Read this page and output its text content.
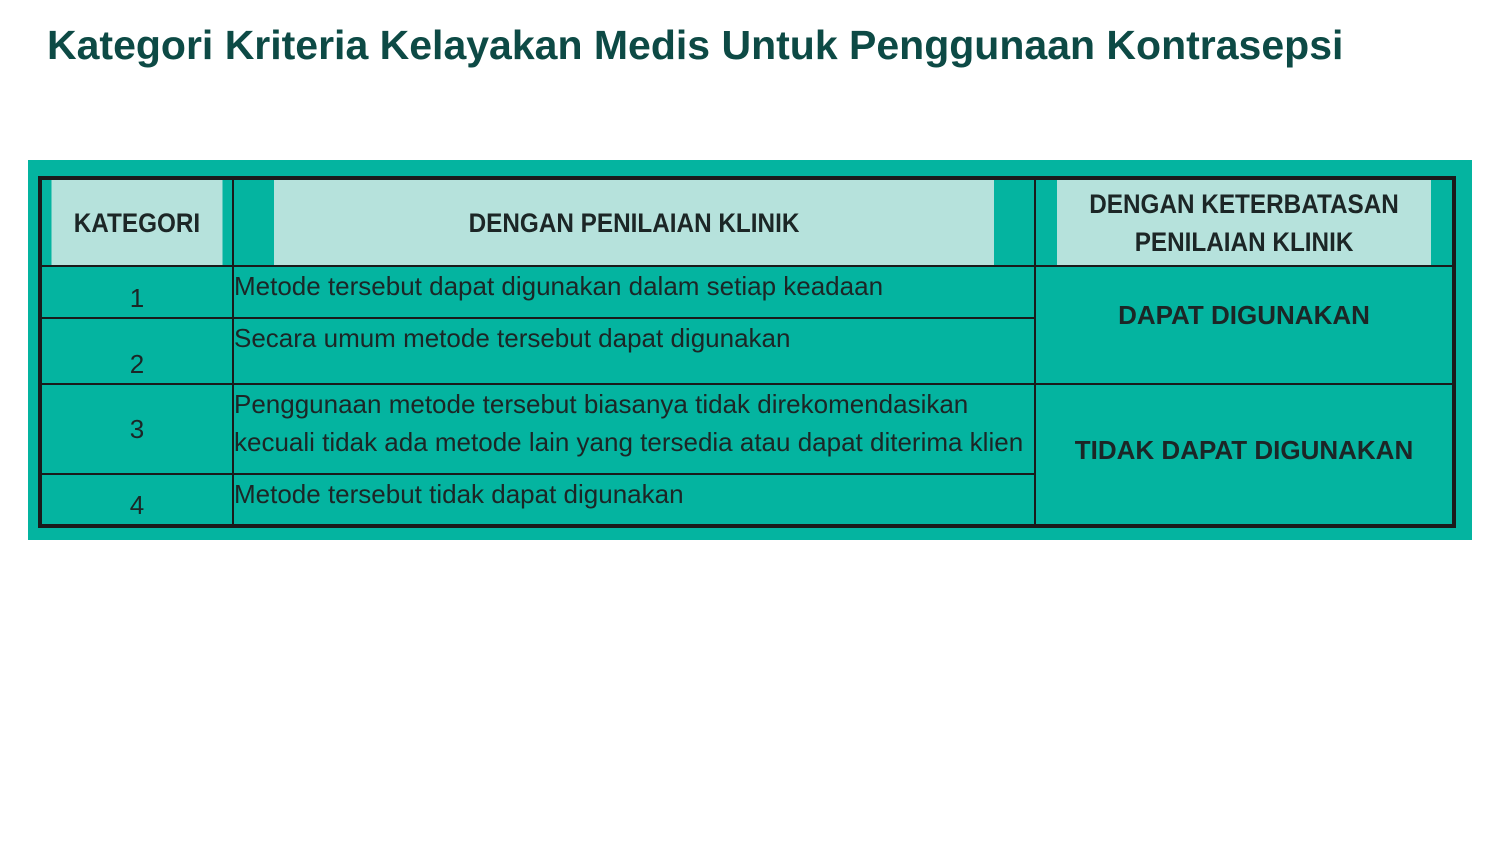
Kategori Kriteria Kelayakan Medis Untuk Penggunaan Kontrasepsi
KATEGORI	DENGAN PENILAIAN KLINIK	DENGAN KETERBATASAN PENILAIAN KLINIK
1	Metode tersebut dapat digunakan dalam setiap keadaan	DAPAT DIGUNAKAN

2	Secara umum metode tersebut dapat digunakan	
3	Penggunaan metode tersebut biasanya tidak direkomendasikan kecuali tidak ada metode lain yang tersedia atau dapat diterima klien	TIDAK DAPAT DIGUNAKAN

4	Metode tersebut tidak dapat digunakan	
